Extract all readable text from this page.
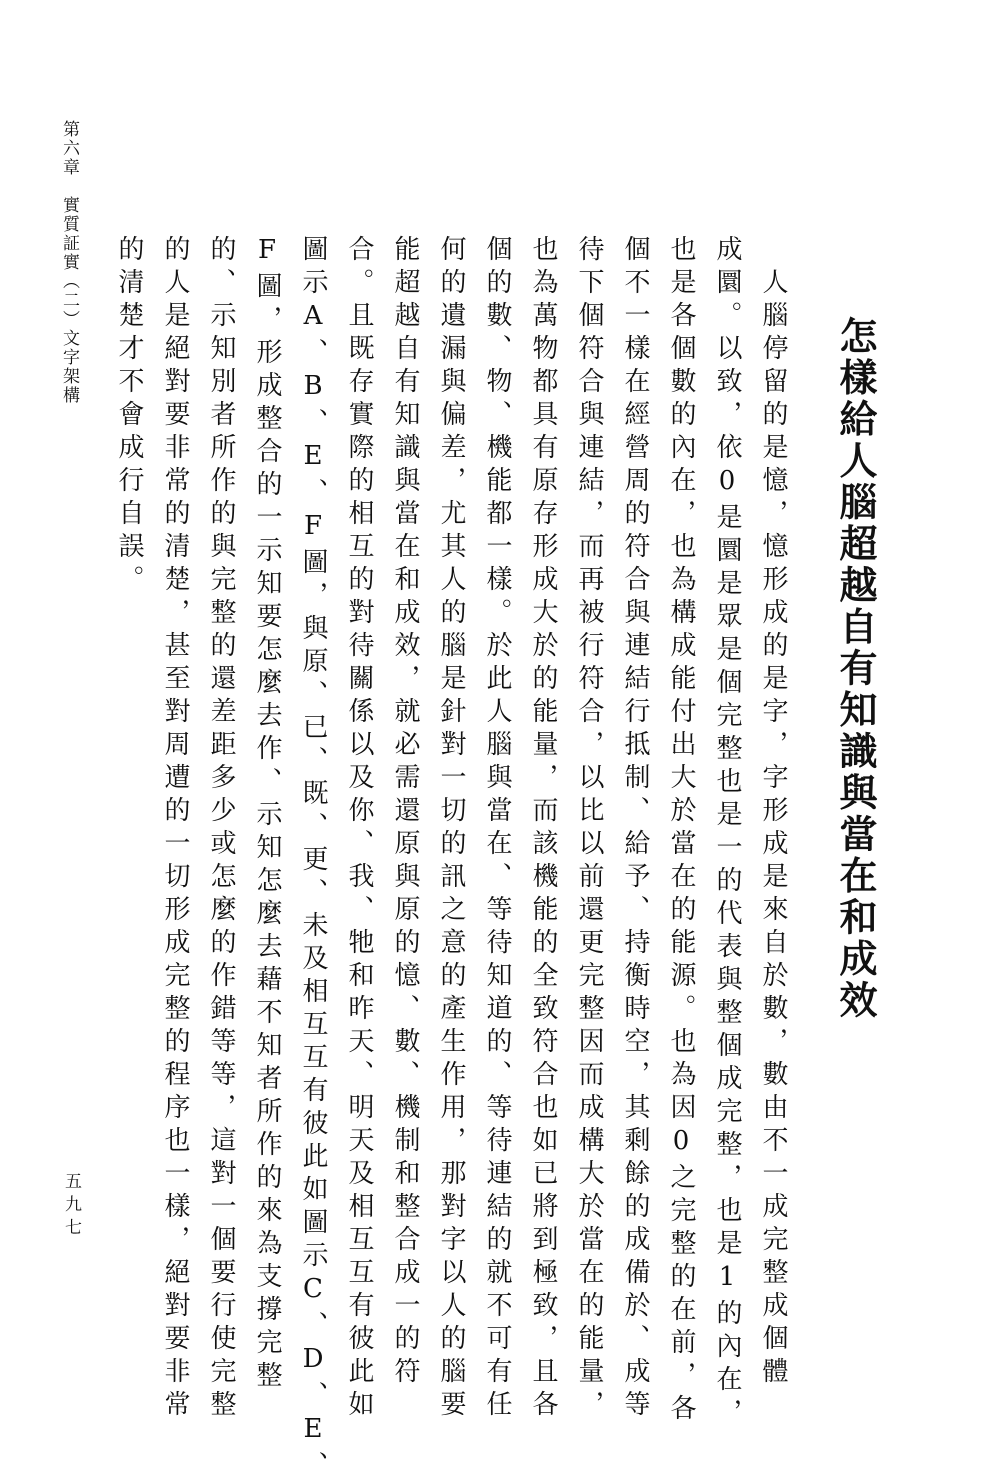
怎樣給人腦超越自有知識與當在和成效
人腦停留的是憶，憶形成的是字，字形成是來自於數，數由不一成完整成個體
成圜。以致，依0是圜是眾是個完整也是一的代表與整個成完整，也是1的內在，
也是各個數的內在，也為構成能付出大於當在的能源。也為因0之完整的在前，各
個不一樣在經營周的符合與連結行抵制、給予、持衡時空，其剩餘的成備於、成等
待下個符合與連結，而再被行符合，以比以前還更完整因而成構大於當在的能量，
也為萬物都具有原存形成大於的能量，而該機能的全致符合也如已將到極致，且各
個的數、物、機能都一樣。於此人腦與當在、等待知道的、等待連結的就不可有任
何的遺漏與偏差，尤其人的腦是針對一切的訊之意的產生作用，那對字以人的腦要
能超越自有知識與當在和成效，就必需還原與原的憶、數、機制和整合成一的符
合。且既存實際的相互的對待關係以及你、我、牠和昨天、明天及相互互有彼此如
圖示A、B、E、F圖，與原、已、既、更、未及相互互有彼此如圖示C、D、E、
F圖，形成整合的一示知要怎麼去作、示知怎麼去藉不知者所作的來為支撐完整
的、示知別者所作的與完整的還差距多少或怎麼的作錯等等，這對一個要行使完整
的人是絕對要非常的清楚，甚至對周遭的一切形成完整的程序也一樣，絕對要非常
的清楚才不會成行自誤。
第六章　實質証實（二）文字架構
五九七
